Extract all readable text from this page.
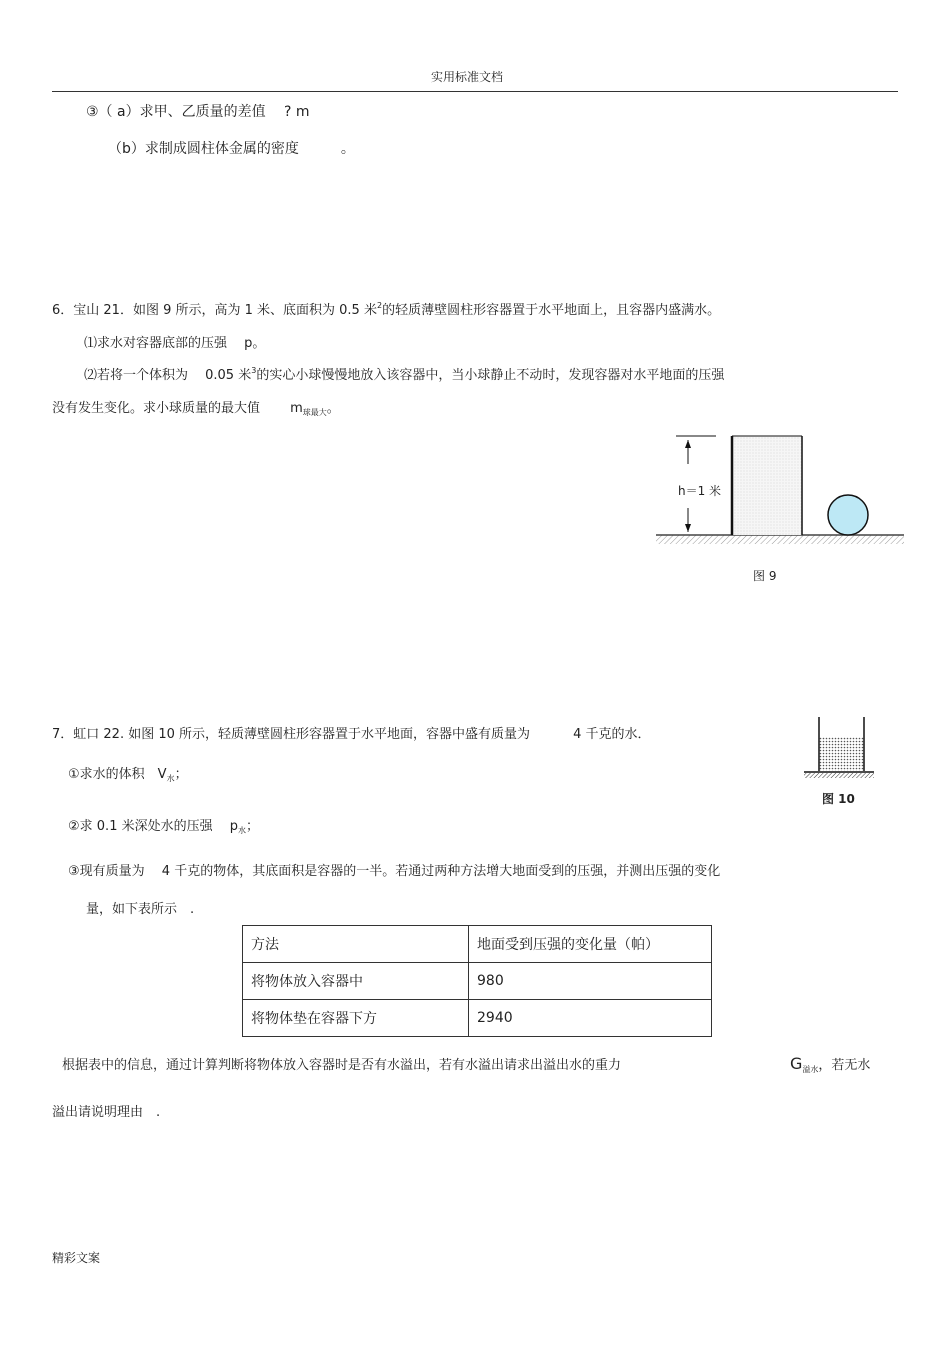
实用标准文档
③（ a）求甲、乙质量的差值　 ? m
（b）求制成圆柱体金属的密度　　　。
6．宝山 21．如图 9 所示，高为 1 米、底面积为 0.5 米$^2$的轻质薄壁圆柱形容器置于水平地面上，且容器内盛满水。
⑴求水对容器底部的压强　 p。
⑵若将一个体积为　 0.05 米$^3$的实心小球慢慢地放入该容器中，当小球静止不动时，发现容器对水平地面的压强
没有发生变化。求小球质量的最大值　　 $m_{球最大}$。
h＝1 米
图 9
7．虹口 22. 如图 10 所示，轻质薄壁圆柱形容器置于水平地面，容器中盛有质量为　　　 4 千克的水．
图 10
①求水的体积　$V_水$；
②求 0.1 米深处水的压强　 $p_水$；
③现有质量为　 4 千克的物体，其底面积是容器的一半。若通过两种方法增大地面受到的压强，并测出压强的变化
量，如下表所示　.
方法	地面受到压强的变化量（帕）
将物体放入容器中	980
将物体垫在容器下方	2940
根据表中的信息，通过计算判断将物体放入容器时是否有水溢出，若有水溢出请求出溢出水的重力	$G_{溢水}$，若无水
溢出请说明理由　.
精彩文案
